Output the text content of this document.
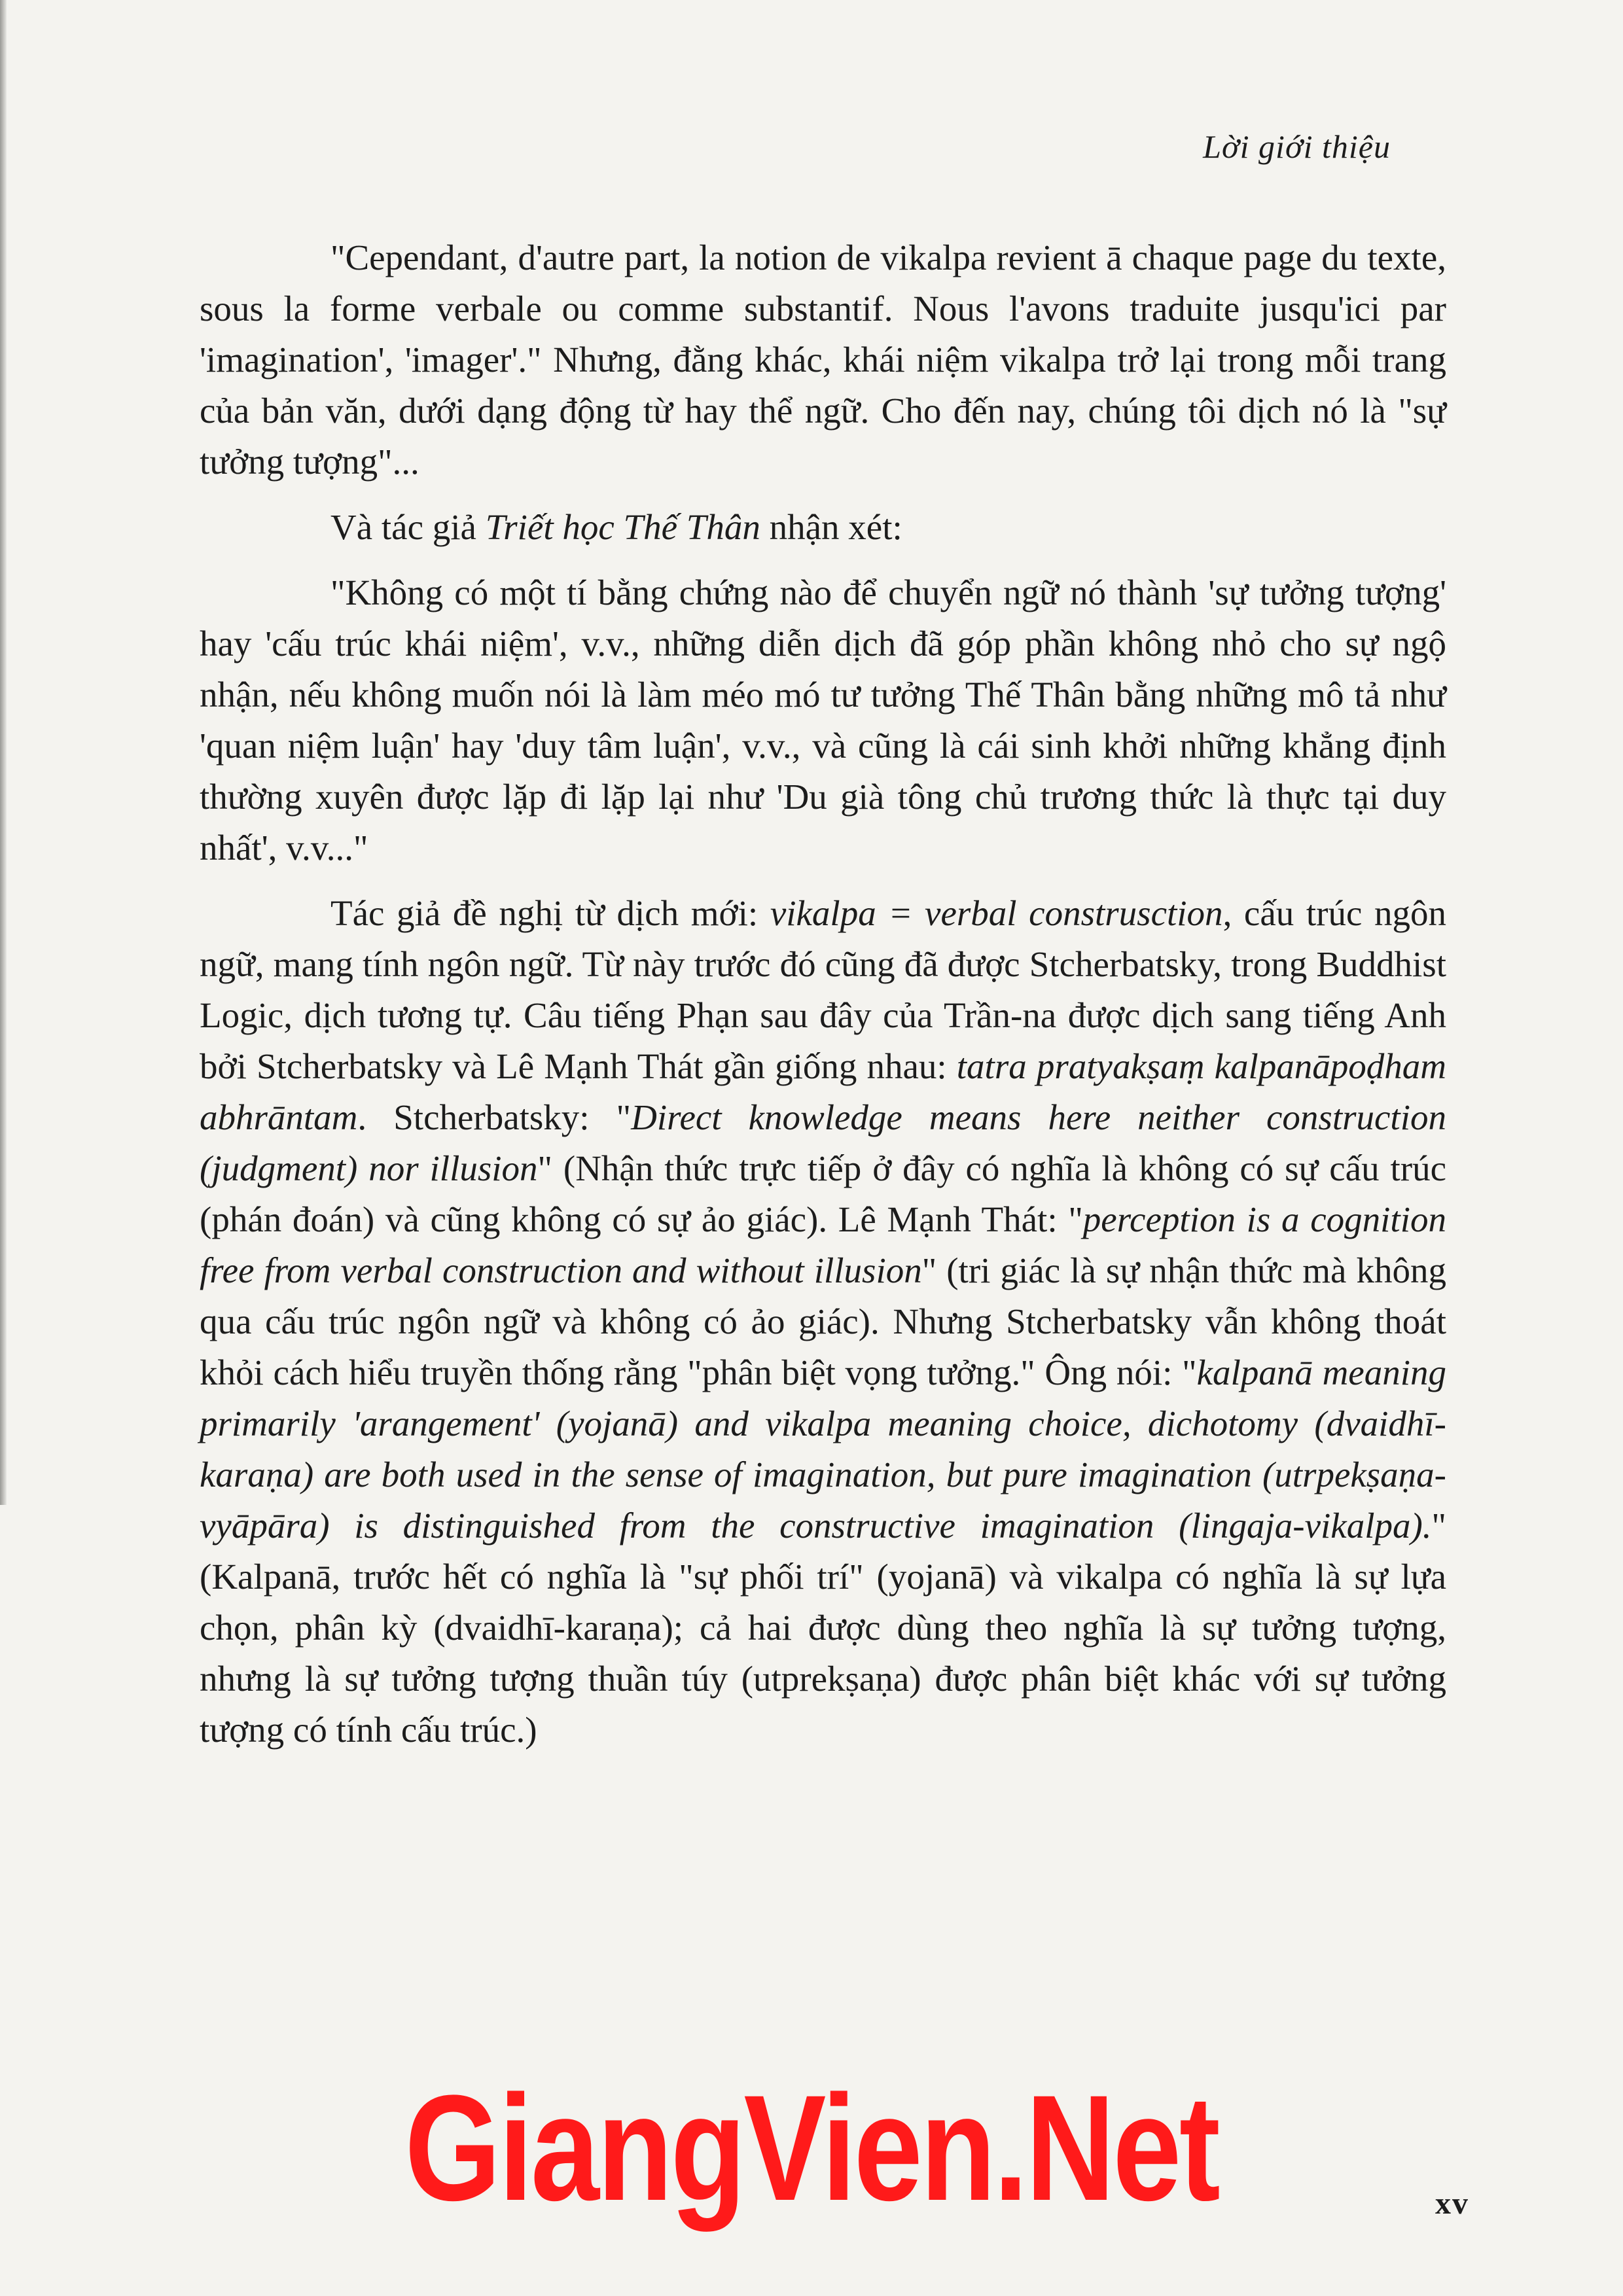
Lời giới thiệu

"Cependant, d'autre part, la notion de vikalpa revient ā chaque page du texte, sous la forme verbale ou comme substantif. Nous l'avons traduite jusqu'ici par 'imagination', 'imager'." Nhưng, đằng khác, khái niệm vikalpa trở lại trong mỗi trang của bản văn, dưới dạng động từ hay thể ngữ. Cho đến nay, chúng tôi dịch nó là "sự tưởng tượng"...

Và tác giả Triết học Thế Thân nhận xét:

"Không có một tí bằng chứng nào để chuyển ngữ nó thành 'sự tưởng tượng' hay 'cấu trúc khái niệm', v.v., những diễn dịch đã góp phần không nhỏ cho sự ngộ nhận, nếu không muốn nói là làm méo mó tư tưởng Thế Thân bằng những mô tả như 'quan niệm luận' hay 'duy tâm luận', v.v., và cũng là cái sinh khởi những khẳng định thường xuyên được lặp đi lặp lại như 'Du già tông chủ trương thức là thực tại duy nhất', v.v..."

Tác giả đề nghị từ dịch mới: vikalpa = verbal construsction, cấu trúc ngôn ngữ, mang tính ngôn ngữ. Từ này trước đó cũng đã được Stcherbatsky, trong Buddhist Logic, dịch tương tự. Câu tiếng Phạn sau đây của Trần-na được dịch sang tiếng Anh bởi Stcherbatsky và Lê Mạnh Thát gần giống nhau: tatra pratyakṣaṃ kalpanāpoḍham abhrāntam. Stcherbatsky: "Direct knowledge means here neither construction (judgment) nor illusion" (Nhận thức trực tiếp ở đây có nghĩa là không có sự cấu trúc (phán đoán) và cũng không có sự ảo giác). Lê Mạnh Thát: "perception is a cognition free from verbal construction and without illusion" (tri giác là sự nhận thức mà không qua cấu trúc ngôn ngữ và không có ảo giác). Nhưng Stcherbatsky vẫn không thoát khỏi cách hiểu truyền thống rằng "phân biệt vọng tưởng." Ông nói: "kalpanā meaning primarily 'arangement' (yojanā) and vikalpa meaning choice, dichotomy (dvaidhī-karaṇa) are both used in the sense of imagination, but pure imagination (utrpekṣaṇa-vyāpāra) is distinguished from the constructive imagination (lingaja-vikalpa)." (Kalpanā, trước hết có nghĩa là "sự phối trí" (yojanā) và vikalpa có nghĩa là sự lựa chọn, phân kỳ (dvaidhī-karaṇa); cả hai được dùng theo nghĩa là sự tưởng tượng, nhưng là sự tưởng tượng thuần túy (utprekṣaṇa) được phân biệt khác với sự tưởng tượng có tính cấu trúc.)

GiangVien.Net	xv
